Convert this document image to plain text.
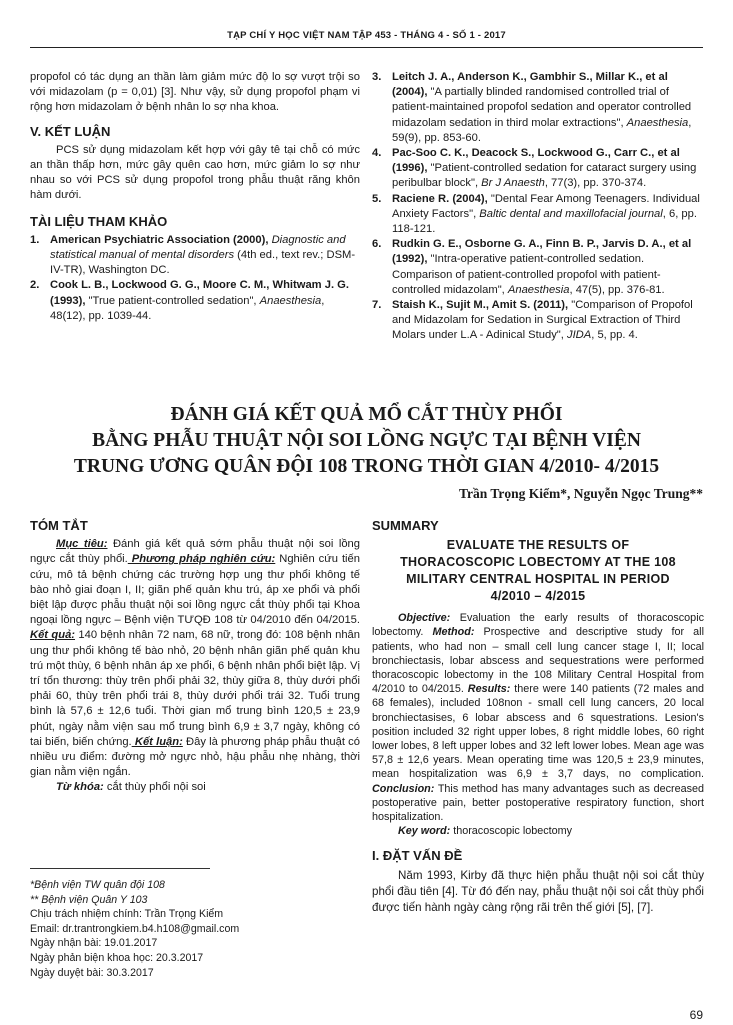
TẠP CHÍ Y HỌC VIỆT NAM TẬP 453 - THÁNG 4 - SỐ 1 - 2017

propofol có tác dụng an thần làm giảm mức độ lo sợ vượt trội so với midazolam (p = 0,01) [3]. Như vậy, sử dụng propofol phạm vi rộng hơn midazolam ở bệnh nhân lo sợ nha khoa.

V. KẾT LUẬN

PCS sử dụng midazolam kết hợp với gây tê tại chỗ có mức an thần thấp hơn, mức gây quên cao hơn, mức giảm lo sợ như nhau so với PCS sử dụng propofol trong phẫu thuật răng khôn hàm dưới.

TÀI LIỆU THAM KHẢO
1. American Psychiatric Association (2000), Diagnostic and statistical manual of mental disorders (4th ed., text rev.; DSM-IV-TR), Washington DC.
2. Cook L. B., Lockwood G. G., Moore C. M., Whitwam J. G. (1993), "True patient-controlled sedation", Anaesthesia, 48(12), pp. 1039-44.
3. Leitch J. A., Anderson K., Gambhir S., Millar K., et al (2004), "A partially blinded randomised controlled trial of patient-maintained propofol sedation and operator controlled midazolam sedation in third molar extractions", Anaesthesia, 59(9), pp. 853-60.
4. Pac-Soo C. K., Deacock S., Lockwood G., Carr C., et al (1996), "Patient-controlled sedation for cataract surgery using peribulbar block", Br J Anaesth, 77(3), pp. 370-374.
5. Raciene R. (2004), "Dental Fear Among Teenagers. Individual Anxiety Factors", Baltic dental and maxillofacial journal, 6, pp. 118-121.
6. Rudkin G. E., Osborne G. A., Finn B. P., Jarvis D. A., et al (1992), "Intra-operative patient-controlled sedation. Comparison of patient-controlled propofol with patient-controlled midazolam", Anaesthesia, 47(5), pp. 376-81.
7. Staish K., Sujit M., Amit S. (2011), "Comparison of Propofol and Midazolam for Sedation in Surgical Extraction of Third Molars under L.A - Adinical Study", JIDA, 5, pp. 4.
ĐÁNH GIÁ KẾT QUẢ MỔ CẮT THÙY PHỔI
BẰNG PHẪU THUẬT NỘI SOI LỒNG NGỰC TẠI BỆNH VIỆN
TRUNG ƯƠNG QUÂN ĐỘI 108 TRONG THỜI GIAN 4/2010- 4/2015
Trần Trọng Kiểm*, Nguyễn Ngọc Trung**
TÓM TẮT

Mục tiêu: Đánh giá kết quả sớm phẫu thuật nội soi lồng ngực cắt thùy phổi. Phương pháp nghiên cứu: Nghiên cứu tiến cứu, mô tả bệnh chứng các trường hợp ung thư phổi không tế bào nhỏ giai đoạn I, II; giãn phế quản khu trú, áp xe phổi và phổi biệt lập được phẫu thuật nội soi lồng ngực cắt thùy phổi tại Khoa ngoại lồng ngực – Bệnh viện TƯQĐ 108 từ 04/2010 đến 04/2015. Kết quả: 140 bệnh nhân 72 nam, 68 nữ, trong đó: 108 bệnh nhân ung thư phổi không tế bào nhỏ, 20 bệnh nhân giãn phế quản khu trú một thùy, 6 bệnh nhân áp xe phổi, 6 bệnh nhân phổi biệt lập. Vị trí tổn thương: thùy trên phổi phải 32, thùy giữa 8, thùy dưới phổi phải 60, thùy trên phổi trái 8, thùy dưới phổi trái 32. Tuổi trung bình là 57,6 ± 12,6 tuổi. Thời gian mổ trung bình 120,5 ± 23,9 phút, ngày nằm viện sau mổ trung bình 6,9 ± 3,7 ngày, không có tai biến, biến chứng. Kết luận: Đây là phương pháp phẫu thuật có nhiều ưu điểm: đường mở ngực nhỏ, hậu phẫu nhẹ nhàng, thời gian nằm viện ngắn.

Từ khóa: cắt thùy phổi nội soi

SUMMARY
EVALUATE THE RESULTS OF
THORACOSCOPIC LOBECTOMY AT THE 108
MILITARY CENTRAL HOSPITAL IN PERIOD
4/2010 – 4/2015

Objective: Evaluation the early results of thoracoscopic lobectomy. Method: Prospective and descriptive study for all patients, who had non – small cell lung cancer stage I, II; local bronchiectasis, lobar abscess and sequestrations were performed thoracoscopic lobectomy in the 108 Military Central Hospital from 4/2010 to 04/2015. Results: there were 140 patients (72 males and 68 females), included 108non - small cell lung cancers, 20 local bronchiectasises, 6 lobar abscess and 6 squestrations. Lesion's position included 32 right upper lobes, 8 right middle lobes, 60 right lower lobes, 8 left upper lobes and 32 left lower lobes. Mean age was 57,8 ± 12,6 years. Mean operating time was 120,5 ± 23,9 minutes, mean hospitalization was 6,9 ± 3,7 days, no complication. Conclusion: This method has many advantages such as decreased postoperative pain, better postoperative respiratory function, short hospitalization.

Key word: thoracoscopic lobectomy

I. ĐẶT VẤN ĐỀ

Năm 1993, Kirby đã thực hiện phẫu thuật nội soi cắt thùy phổi đầu tiên [4]. Từ đó đến nay, phẫu thuật nội soi cắt thùy phổi được tiến hành ngày càng rộng rãi trên thế giới [5], [7].

*Bệnh viện TW quân đội 108
** Bệnh viện Quân Y 103
Chịu trách nhiệm chính: Trần Trọng Kiểm
Email: dr.trantrongkiem.b4.h108@gmail.com
Ngày nhận bài: 19.01.2017
Ngày phản biện khoa học: 20.3.2017
Ngày duyệt bài: 30.3.2017
69
